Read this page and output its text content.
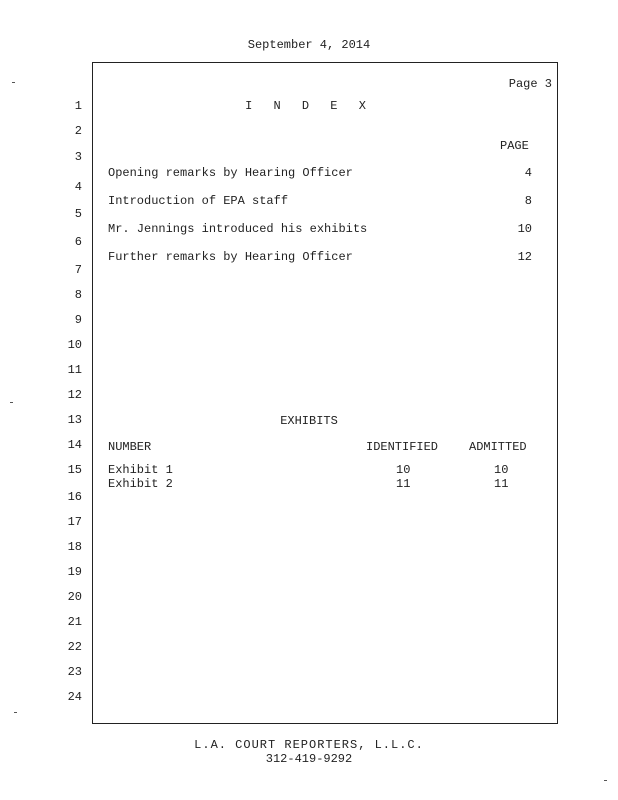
September 4, 2014
Page 3
1
2
3
4
5
6
7
8
9
10
11
12
13
14
15
16
17
18
19
20
21
22
23
24
I N D E X
PAGE
Opening remarks by Hearing Officer	4
Introduction of EPA staff	8
Mr. Jennings introduced his exhibits	10
Further remarks by Hearing Officer	12
EXHIBITS
NUMBER	IDENTIFIED	ADMITTED
Exhibit 1	10	10
Exhibit 2	11	11
L.A. COURT REPORTERS, L.L.C.
312-419-9292
